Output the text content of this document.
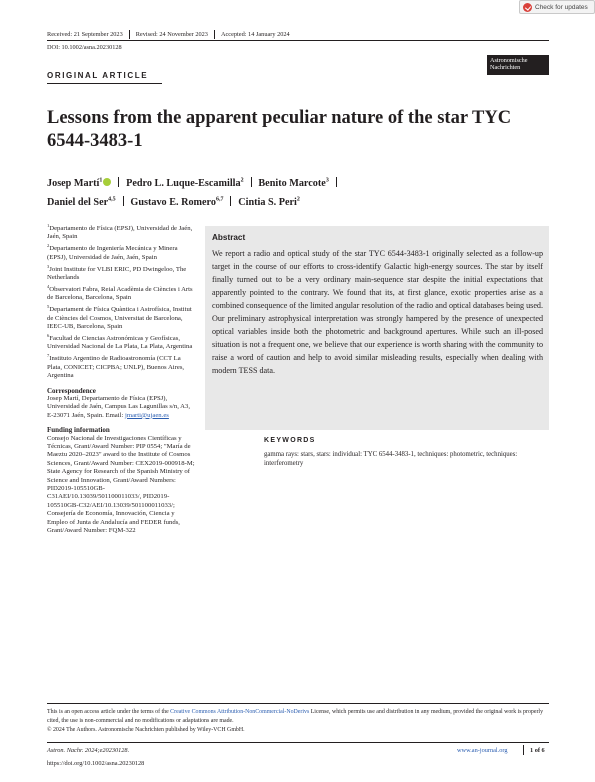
Check for updates
Received: 21 September 2023 Revised: 24 November 2023 Accepted: 14 January 2024
DOI: 10.1002/asna.20230128
Astronomische
Nachrichten
ORIGINAL ARTICLE
Lessons from the apparent peculiar nature of the star TYC 6544-3483-1
Josep Martí$^1$ Pedro L. Luque-Escamilla$^2$ Benito Marcote$^3$
Daniel del Ser$^{4,5}$ Gustavo E. Romero$^{6,7}$ Cintia S. Peri$^2$
$^1$Departamento de Física (EPSJ), Universidad de Jaén, Jaén, Spain
$^2$Departamento de Ingeniería Mecánica y Minera (EPSJ), Universidad de Jaén, Jaén, Spain
$^3$Joint Institute for VLBI ERIC, PD Dwingeloo, The Netherlands
$^4$Observatori Fabra, Reial Acadèmia de Ciències i Arts de Barcelona, Barcelona, Spain
$^5$Departament de Física Quàntica i Astrofísica, Institut de Ciències del Cosmos, Universitat de Barcelona, IEEC-UB, Barcelona, Spain
$^6$Facultad de Ciencias Astronómicas y Geofísicas, Universidad Nacional de La Plata, La Plata, Argentina
$^7$Instituto Argentino de Radioastronomía (CCT La Plata, CONICET; CICPBA; UNLP), Buenos Aires, Argentina
Correspondence
Josep Martí, Departamento de Física (EPSJ), Universidad de Jaén, Campus Las Lagunillas s/n, A3, E-23071 Jaén, Spain. Email: jmarti@ujaen.es
Funding information
Consejo Nacional de Investigaciones Científicas y Técnicas, Grant/Award Number: PIP 0554; "María de Maeztu 2020–2023" award to the Institute of Cosmos Sciences, Grant/Award Number: CEX2019-000918-M; State Agency for Research of the Spanish Ministry of Science and Innovation, Grant/Award Numbers: PID2019-105510GB-C31AEI/10.13039/501100011033/, PID2019-105510GB-C32/AEI/10.13039/501100011033/; Consejería de Economía, Innovación, Ciencia y Empleo of Junta de Andalucía and FEDER funds, Grant/Award Number: FQM-322
Abstract

We report a radio and optical study of the star TYC 6544-3483-1 originally selected as a follow-up target in the course of our efforts to cross-identify Galactic high-energy sources. The star by itself finally turned out to be a very ordinary main-sequence star despite the initial expectations that apparently pointed to the contrary. We found that its, at first glance, exotic properties arise as a combined consequence of the limited angular resolution of the radio and optical databases being used. Our preliminary astrophysical interpretation was strongly hampered by the presence of unexpected optical variables inside both the photometric and background apertures. While such an ill-posed situation is not a frequent one, we believe that our experience is worth sharing with the community to raise a word of caution and help to avoid similar misleading results, especially when dealing with modern TESS data.

KEYWORDS
gamma rays: stars, stars: individual: TYC 6544-3483-1, techniques: photometric, techniques: interferometry
This is an open access article under the terms of the Creative Commons Attribution-NonCommercial-NoDerivs License, which permits use and distribution in any medium, provided the original work is properly cited, the use is non-commercial and no modifications or adaptations are made.
© 2024 The Authors. Astronomische Nachrichten published by Wiley-VCH GmbH.
Astron. Nachr. 2024;e20230128.
https://doi.org/10.1002/asna.20230128
www.an-journal.org	1 of 6
